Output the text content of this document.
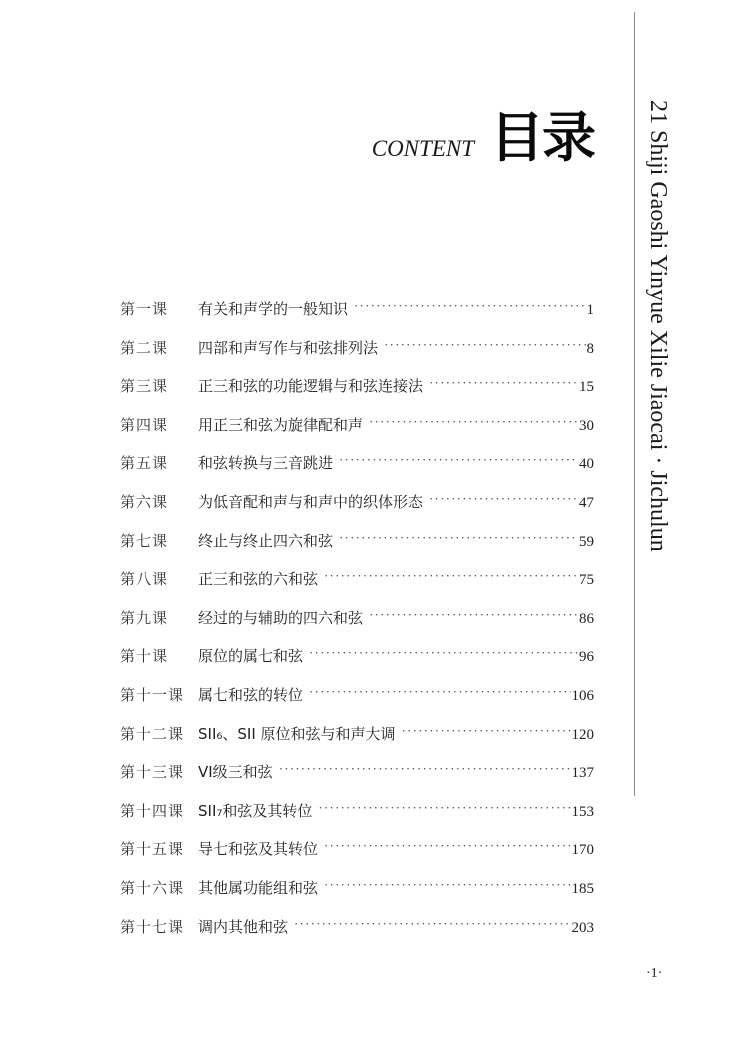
21 Shiji Gaoshi Yinyue Xilie Jiaocai · Jichulun
CONTENT 目录
第一课	有关和声学的一般知识 ·····	1
第二课	四部和声写作与和弦排列法 ·····	8
第三课	正三和弦的功能逻辑与和弦连接法 ·····	15
第四课	用正三和弦为旋律配和声 ·····	30
第五课	和弦转换与三音跳进 ·····	40
第六课	为低音配和声与和声中的织体形态 ·····	47
第七课	终止与终止四六和弦 ·····	59
第八课	正三和弦的六和弦 ·····	75
第九课	经过的与辅助的四六和弦 ·····	86
第十课	原位的属七和弦 ·····	96
第十一课 属七和弦的转位 ·····	106
第十二课 SII₆、SII 原位和弦与和声大调 ·····	120
第十三课 VI级三和弦 ·····	137
第十四课 SII₇和弦及其转位 ·····	153
第十五课 导七和弦及其转位 ·····	170
第十六课 其他属功能组和弦 ·····	185
第十七课 调内其他和弦 ·····	203
·1·
